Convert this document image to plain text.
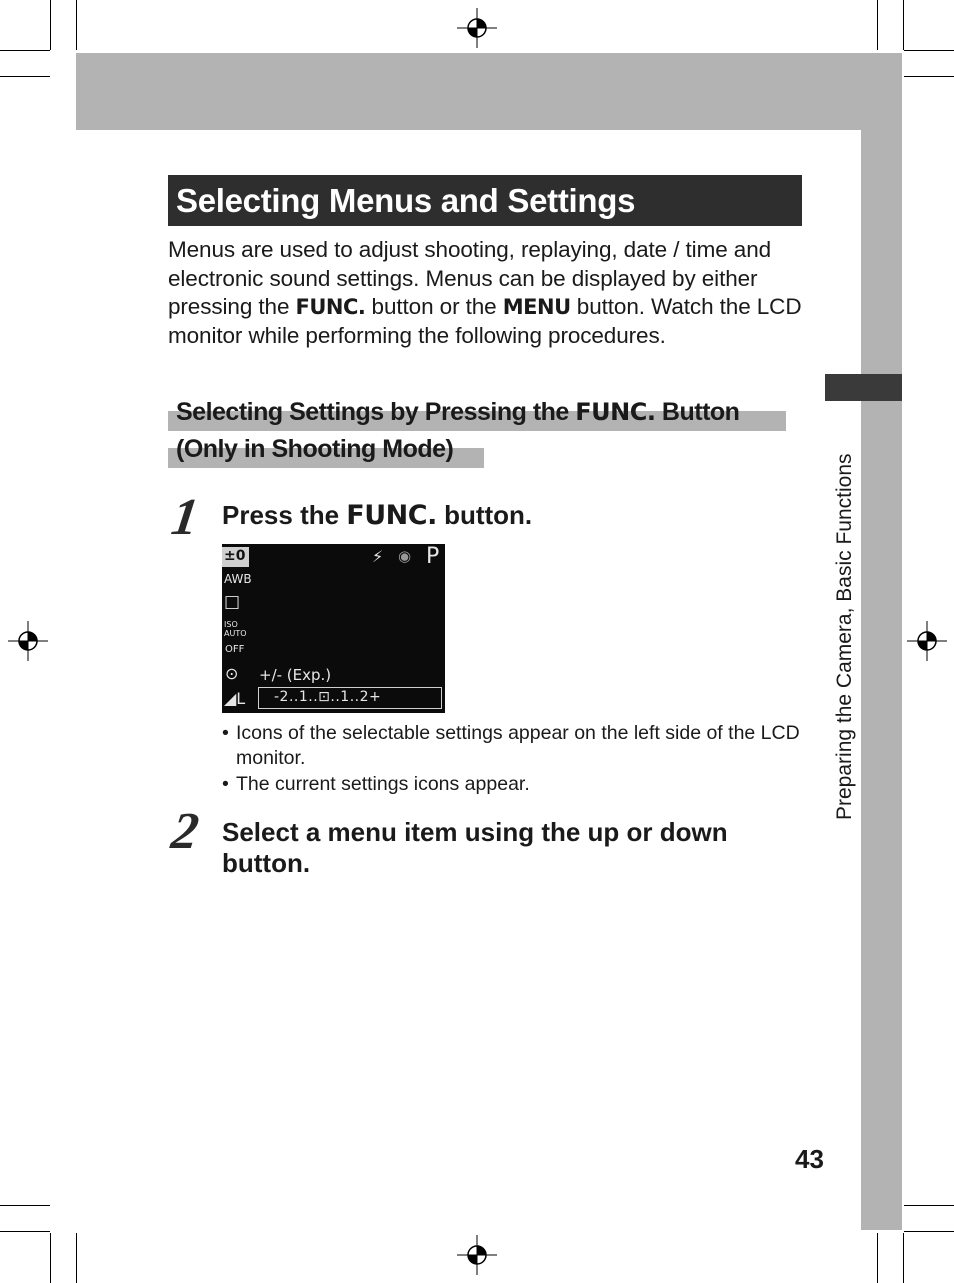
Preparing the Camera, Basic Functions
Selecting Menus and Settings
Menus are used to adjust shooting, replaying, date / time and electronic sound settings. Menus can be displayed by either pressing the FUNC. button or the MENU button. Watch the LCD monitor while performing the following procedures.
Selecting Settings by Pressing the FUNC. Button
(Only in Shooting Mode)
1 Press the FUNC. button.
±0
AWB
□
ISO AUTO
OFF
⊙
◢L
⚡ ◉ P
+/- (Exp.)
-2..1..⊡..1..2+
• Icons of the selectable settings appear on the left side of the LCD monitor.
• The current settings icons appear.
2 Select a menu item using the up or down button.
43
